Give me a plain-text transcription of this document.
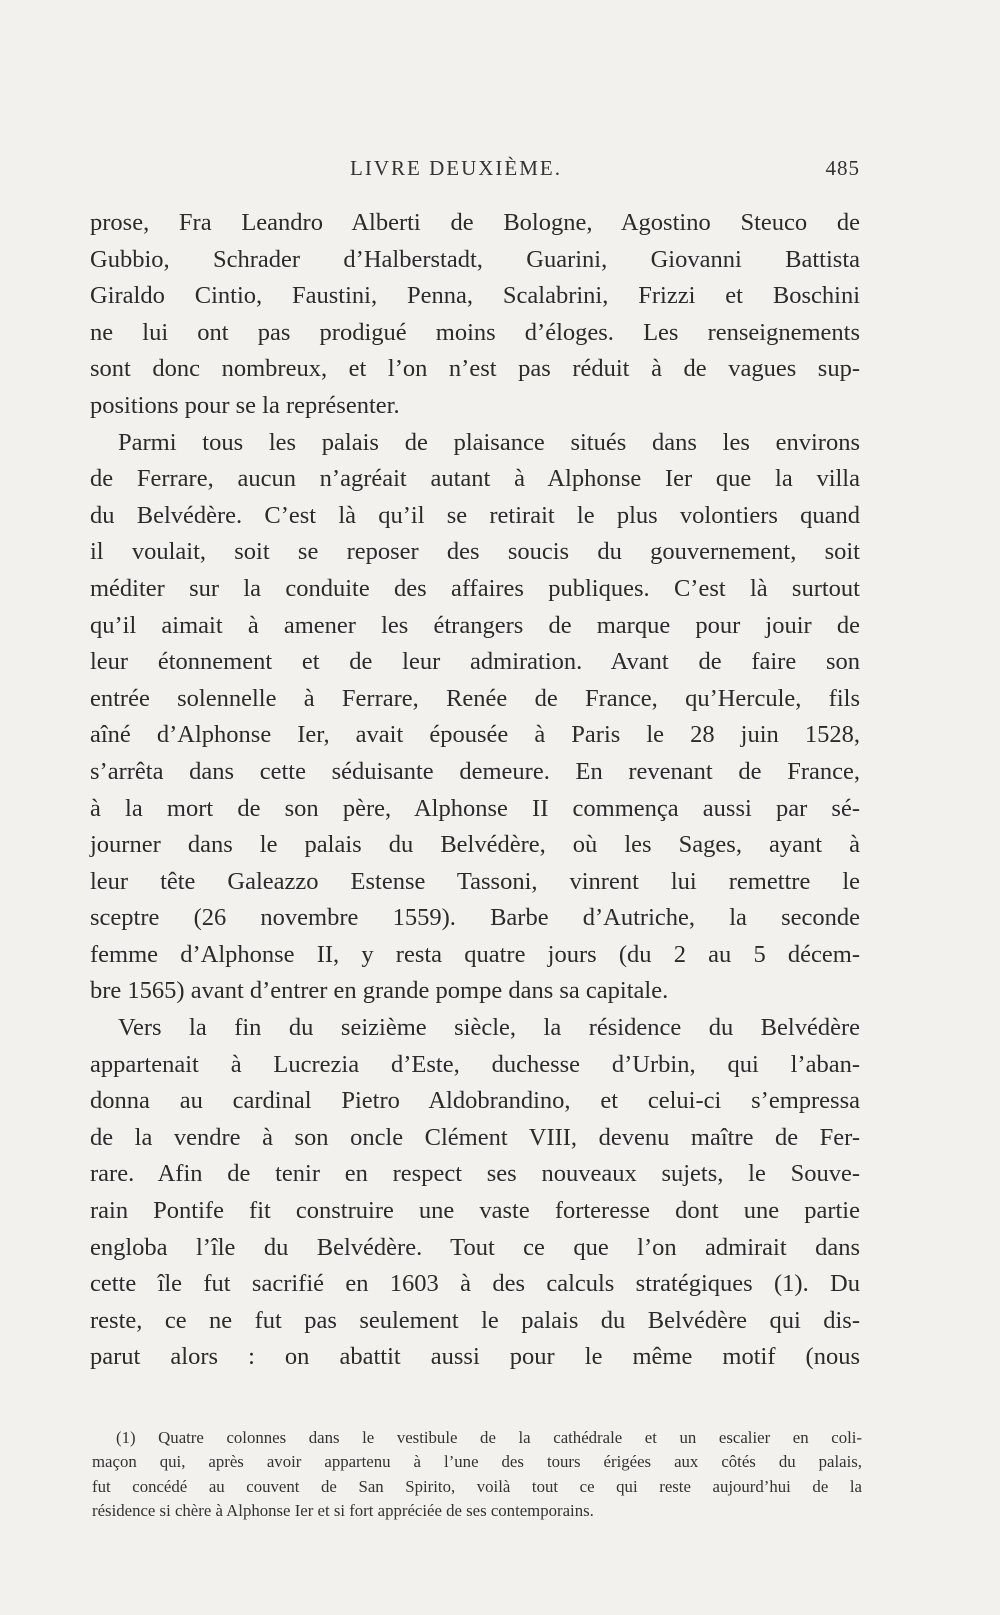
LIVRE DEUXIÈME.	485
prose, Fra Leandro Alberti de Bologne, Agostino Steuco de
Gubbio, Schrader d’Halberstadt, Guarini, Giovanni Battista
Giraldo Cintio, Faustini, Penna, Scalabrini, Frizzi et Boschini
ne lui ont pas prodigué moins d’éloges. Les renseignements
sont donc nombreux, et l’on n’est pas réduit à de vagues sup-
positions pour se la représenter.
Parmi tous les palais de plaisance situés dans les environs
de Ferrare, aucun n’agréait autant à Alphonse Ier que la villa
du Belvédère. C’est là qu’il se retirait le plus volontiers quand
il voulait, soit se reposer des soucis du gouvernement, soit
méditer sur la conduite des affaires publiques. C’est là surtout
qu’il aimait à amener les étrangers de marque pour jouir de
leur étonnement et de leur admiration. Avant de faire son
entrée solennelle à Ferrare, Renée de France, qu’Hercule, fils
aîné d’Alphonse Ier, avait épousée à Paris le 28 juin 1528,
s’arrêta dans cette séduisante demeure. En revenant de France,
à la mort de son père, Alphonse II commença aussi par sé-
journer dans le palais du Belvédère, où les Sages, ayant à
leur tête Galeazzo Estense Tassoni, vinrent lui remettre le
sceptre (26 novembre 1559). Barbe d’Autriche, la seconde
femme d’Alphonse II, y resta quatre jours (du 2 au 5 décem-
bre 1565) avant d’entrer en grande pompe dans sa capitale.
Vers la fin du seizième siècle, la résidence du Belvédère
appartenait à Lucrezia d’Este, duchesse d’Urbin, qui l’aban-
donna au cardinal Pietro Aldobrandino, et celui-ci s’empressa
de la vendre à son oncle Clément VIII, devenu maître de Fer-
rare. Afin de tenir en respect ses nouveaux sujets, le Souve-
rain Pontife fit construire une vaste forteresse dont une partie
engloba l’île du Belvédère. Tout ce que l’on admirait dans
cette île fut sacrifié en 1603 à des calculs stratégiques (1). Du
reste, ce ne fut pas seulement le palais du Belvédère qui dis-
parut alors : on abattit aussi pour le même motif (nous
(1) Quatre colonnes dans le vestibule de la cathédrale et un escalier en coli-
maçon qui, après avoir appartenu à l’une des tours érigées aux côtés du palais,
fut concédé au couvent de San Spirito, voilà tout ce qui reste aujourd’hui de la
résidence si chère à Alphonse Ier et si fort appréciée de ses contemporains.
